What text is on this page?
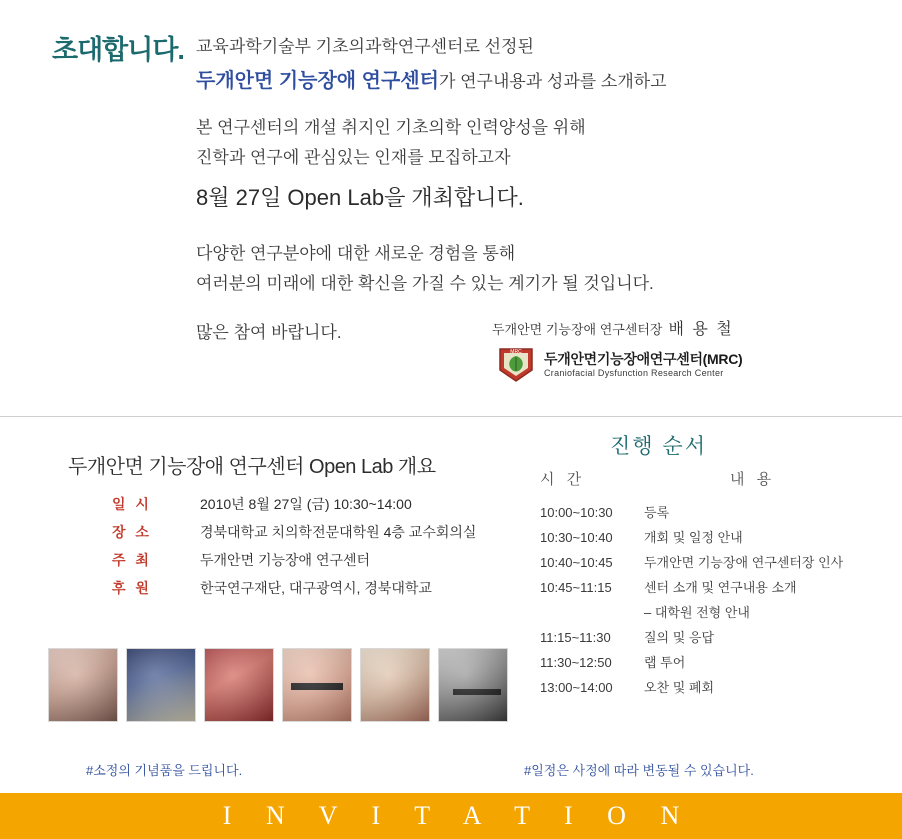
초대합니다. 교육과학기술부 기초의과학연구센터로 선정된
두개안면 기능장애 연구센터가 연구내용과 성과를 소개하고
본 연구센터의 개설 취지인 기초의학 인력양성을 위해
진학과 연구에 관심있는 인재를 모집하고자
8월 27일 Open Lab을 개최합니다.
다양한 연구분야에 대한 새로운 경험을 통해
여러분의 미래에 대한 확신을 가질 수 있는 계기가 될 것입니다.
많은 참여 바랍니다.	두개안면 기능장애 연구센터장 배 용 철
MRC 두개안면기능장애연구센터(MRC)
Craniofacial Dysfunction Research Center
두개안면 기능장애 연구센터 Open Lab 개요
일 시	2010년 8월 27일 (금) 10:30~14:00
장 소	경북대학교 치의학전문대학원 4층 교수회의실
주 최	두개안면 기능장애 연구센터
후 원	한국연구재단, 대구광역시, 경북대학교
진행 순서
시 간	내 용
10:00~10:30	등록
10:30~10:40	개회 및 일정 안내
10:40~10:45	두개안면 기능장애 연구센터장 인사
10:45~11:15	센터 소개 및 연구내용 소개
– 대학원 전형 안내
11:15~11:30	질의 및 응답
11:30~12:50	랩 투어
13:00~14:00	오찬 및 폐회
#소정의 기념품을 드립니다.	#일정은 사정에 따라 변동될 수 있습니다.
I N V I T A T I O N
